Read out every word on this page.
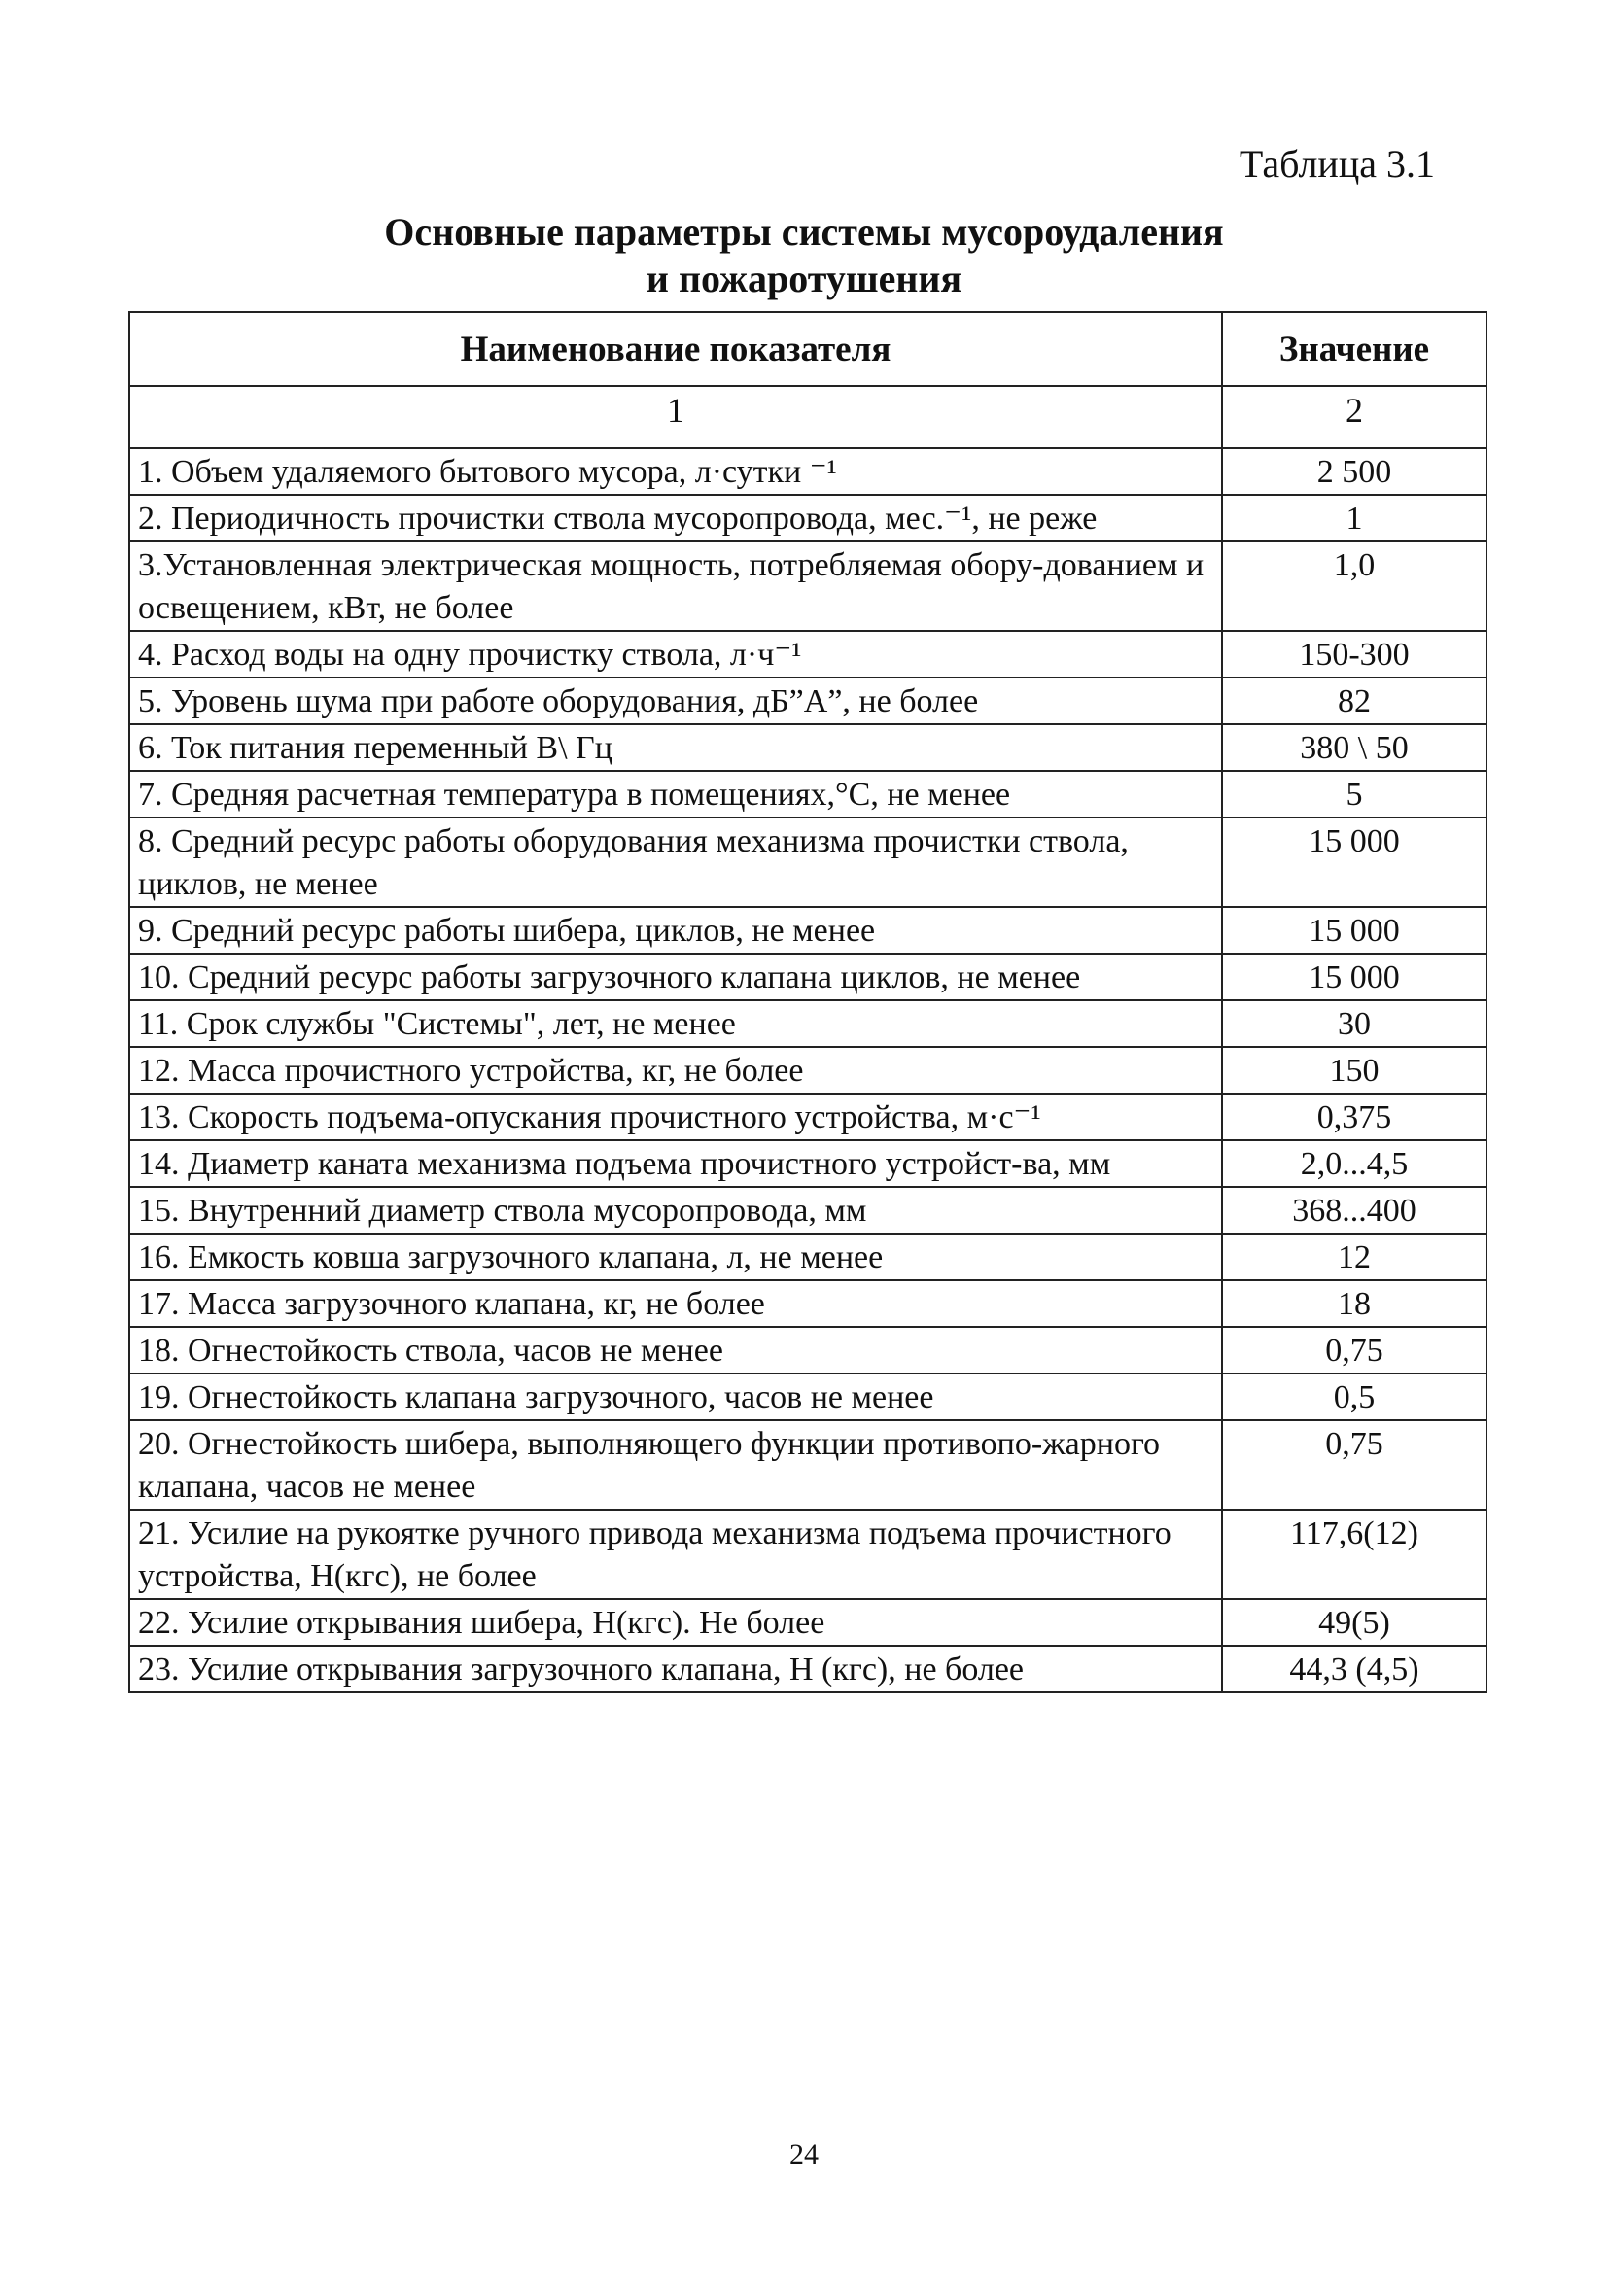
Таблица 3.1
Основные параметры системы мусороудаления
и пожаротушения
Наименование показателя	Значение
1	2
1. Объем удаляемого бытового мусора, л·сутки ⁻¹	2 500
2. Периодичность прочистки ствола мусоропровода, мес.⁻¹, не реже	1
3.Установленная электрическая мощность, потребляемая обору-дованием и освещением, кВт, не более	1,0
4. Расход воды на одну прочистку ствола, л·ч⁻¹	150-300
5. Уровень шума при работе оборудования, дБ”А”, не более	82
6. Ток питания переменный В\ Гц	380 \ 50
7. Средняя расчетная температура в помещениях,°С, не менее	5
8. Средний ресурс работы оборудования механизма прочистки ствола, циклов, не менее	15 000
9. Средний ресурс работы шибера, циклов, не менее	15 000
10. Средний ресурс работы загрузочного клапана циклов, не менее	15 000
11. Срок службы "Системы", лет, не менее	30
12. Масса прочистного устройства, кг, не более	150
13. Скорость подъема-опускания прочистного устройства, м·с⁻¹	0,375
14. Диаметр каната механизма подъема прочистного устройст-ва, мм	2,0...4,5
15. Внутренний диаметр ствола мусоропровода, мм	368...400
16. Емкость ковша загрузочного клапана, л, не менее	12
17. Масса загрузочного клапана, кг, не более	18
18. Огнестойкость ствола, часов не менее	0,75
19. Огнестойкость клапана загрузочного, часов не менее	0,5
20. Огнестойкость шибера, выполняющего функции противопо-жарного клапана, часов не менее	0,75
21. Усилие на рукоятке ручного привода механизма подъема прочистного устройства, Н(кгс), не более	117,6(12)
22. Усилие открывания шибера, Н(кгс). Не более	49(5)
23. Усилие открывания загрузочного клапана, Н (кгс), не более	44,3 (4,5)
24
